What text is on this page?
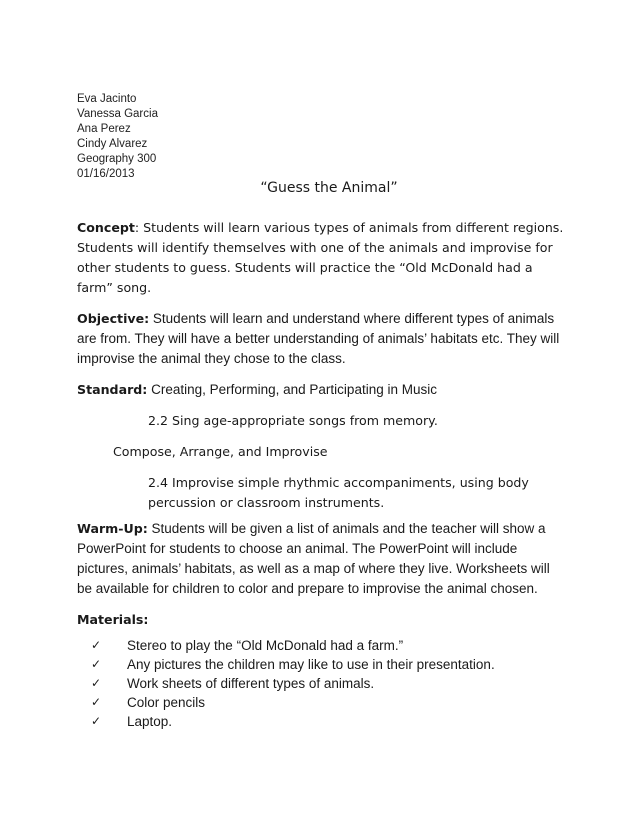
Eva Jacinto
Vanessa Garcia
Ana Perez
Cindy Alvarez
Geography 300
01/16/2013
“Guess the Animal”

Concept: Students will learn various types of animals from different regions. Students will identify themselves with one of the animals and improvise for other students to guess. Students will practice the “Old McDonald had a farm” song.

Objective: Students will learn and understand where different types of animals are from. They will have a better understanding of animals’ habitats etc. They will improvise the animal they chose to the class.

Standard: Creating, Performing, and Participating in Music

2.2 Sing age-appropriate songs from memory.

Compose, Arrange, and Improvise

2.4 Improvise simple rhythmic accompaniments, using body percussion or classroom instruments.

Warm-Up: Students will be given a list of animals and the teacher will show a PowerPoint for students to choose an animal. The PowerPoint will include pictures, animals’ habitats, as well as a map of where they live. Worksheets will be available for children to color and prepare to improvise the animal chosen.

Materials:

✓ Stereo to play the “Old McDonald had a farm.”
✓ Any pictures the children may like to use in their presentation.
✓ Work sheets of different types of animals.
✓ Color pencils
✓ Laptop.
